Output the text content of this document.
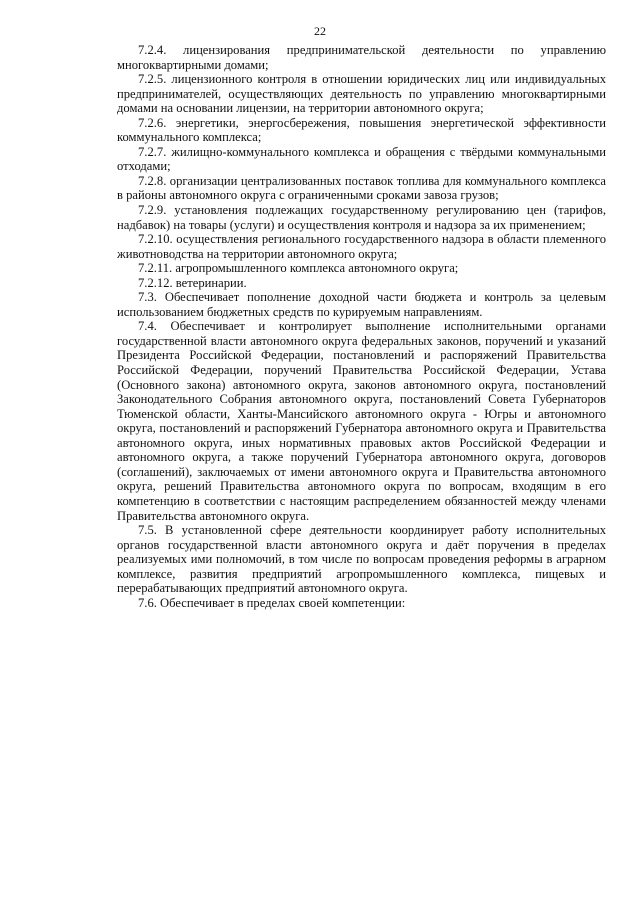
22

7.2.4. лицензирования предпринимательской деятельности по управлению многоквартирными домами;

7.2.5. лицензионного контроля в отношении юридических лиц или индивидуальных предпринимателей, осуществляющих деятельность по управлению многоквартирными домами на основании лицензии, на территории автономного округа;

7.2.6. энергетики, энергосбережения, повышения энергетической эффективности коммунального комплекса;

7.2.7. жилищно-коммунального комплекса и обращения с твёрдыми коммунальными отходами;

7.2.8. организации централизованных поставок топлива для коммунального комплекса в районы автономного округа с ограниченными сроками завоза грузов;

7.2.9. установления подлежащих государственному регулированию цен (тарифов, надбавок) на товары (услуги) и осуществления контроля и надзора за их применением;

7.2.10. осуществления регионального государственного надзора в области племенного животноводства на территории автономного округа;

7.2.11. агропромышленного комплекса автономного округа;

7.2.12. ветеринарии.

7.3. Обеспечивает пополнение доходной части бюджета и контроль за целевым использованием бюджетных средств по курируемым направлениям.

7.4. Обеспечивает и контролирует выполнение исполнительными органами государственной власти автономного округа федеральных законов, поручений и указаний Президента Российской Федерации, постановлений и распоряжений Правительства Российской Федерации, поручений Правительства Российской Федерации, Устава (Основного закона) автономного округа, законов автономного округа, постановлений Законодательного Собрания автономного округа, постановлений Совета Губернаторов Тюменской области, Ханты-Мансийского автономного округа - Югры и автономного округа, постановлений и распоряжений Губернатора автономного округа и Правительства автономного округа, иных нормативных правовых актов Российской Федерации и автономного округа, а также поручений Губернатора автономного округа, договоров (соглашений), заключаемых от имени автономного округа и Правительства автономного округа, решений Правительства автономного округа по вопросам, входящим в его компетенцию в соответствии с настоящим распределением обязанностей между членами Правительства автономного округа.

7.5. В установленной сфере деятельности координирует работу исполнительных органов государственной власти автономного округа и даёт поручения в пределах реализуемых ими полномочий, в том числе по вопросам проведения реформы в аграрном комплексе, развития предприятий агропромышленного комплекса, пищевых и перерабатывающих предприятий автономного округа.

7.6. Обеспечивает в пределах своей компетенции:
